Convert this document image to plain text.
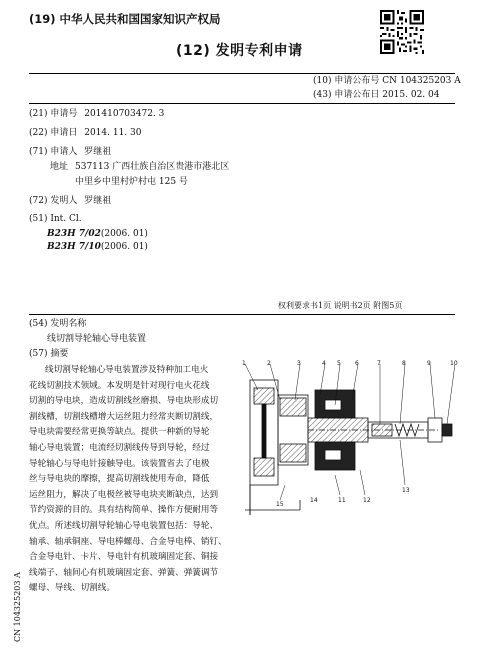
(19) 中华人民共和国国家知识产权局
(12) 发明专利申请
(10) 申请公布号 CN 104325203 A
(43) 申请公布日 2015. 02. 04
(21) 申请号 201410703472. 3
(22) 申请日 2014. 11. 30
(71) 申请人 罗继祖
地址 537113 广西壮族自治区贵港市港北区
中里乡中里村炉村屯 125 号
(72) 发明人 罗继祖
(51) Int. Cl.
B23H 7/02(2006. 01)
B23H 7/10(2006. 01)
权利要求书1页 说明书2页 附图5页
(54) 发明名称
线切割导轮轴心导电装置
(57) 摘要

线切割导轮轴心导电装置涉及特种加工电火

花线切割技术领域。本发明是针对现行电火花线

切割的导电块，造成切割线丝磨损、导电块形成切

割线槽，切割线槽增大运丝阻力经常夹断切割线，

导电块需要经常更换等缺点。提供一种新的导轮

轴心导电装置；电流经切割线传导到导轮，经过

导轮轴心与导电针接触导电。该装置省去了电极

丝与导电块的摩擦，提高切割线使用寿命，降低

运丝阻力，解决了电极丝被导电块夹断缺点，达到

节约资源的目的。具有结构简单、操作方便耐用等

优点。所述线切割导轮轴心导电装置包括：导轮、

轴承、轴承铜座、导电棒螺母、合金导电棒、销钉、

合金导电针、卡片、导电针有机玻璃固定套、铜接

线端子、轴间心有机玻璃固定套、弹簧、弹簧调节

螺母、导线、切割线。

1	2	3	4 5 6	7	8	9	10
11	12
13
14
15
CN 104325203 A
